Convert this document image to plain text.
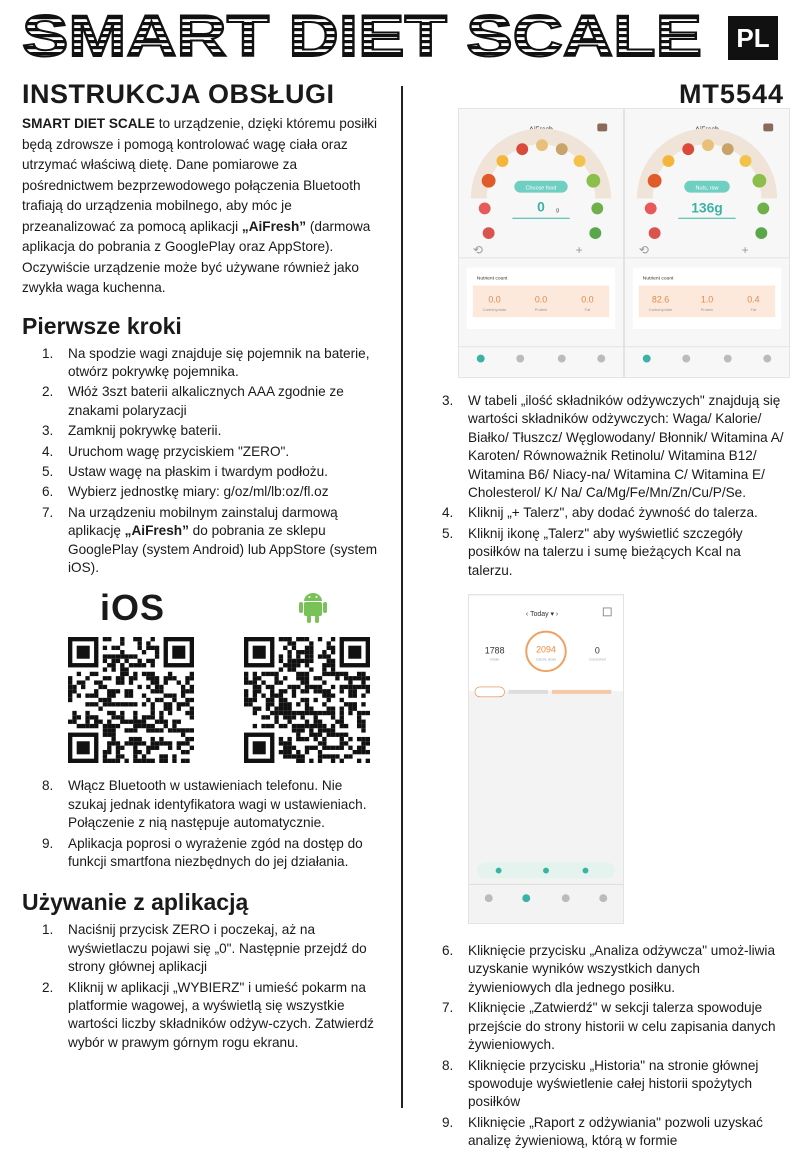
SMART DIET SCALE	PL
INSTRUKCJA OBSŁUGI

SMART DIET SCALE to urządzenie, dzięki któremu posiłki będą zdrowsze i pomogą kontrolować wagę ciała oraz utrzymać właściwą dietę. Dane pomiarowe za pośrednictwem bezprzewodowego połączenia Bluetooth trafiają do urządzenia mobilnego, aby móc je przeanalizować za pomocą aplikacji „AiFresh” (darmowa aplikacja do pobrania z GooglePlay oraz AppStore). Oczywiście urządzenie może być używane również jako zwykła waga kuchenna.

Pierwsze kroki
1. Na spodzie wagi znajduje się pojemnik na baterie, otwórz pokrywkę pojemnika.
2. Włóż 3szt baterii alkalicznych AAA zgodnie ze znakami polaryzacji
3. Zamknij pokrywkę baterii.
4. Uruchom wagę przyciskiem "ZERO".
5. Ustaw wagę na płaskim i twardym podłożu.
6. Wybierz jednostkę miary: g/oz/ml/lb:oz/fl.oz
7. Na urządzeniu mobilnym zainstaluj darmową aplikację „AiFresh” do pobrania ze sklepu GooglePlay (system Android) lub AppStore (system iOS).
iOS
8. Włącz Bluetooth w ustawieniach telefonu. Nie szukaj jednak identyfikatora wagi w ustawieniach. Połączenie z nią następuje automatycznie.
9. Aplikacja poprosi o wyrażenie zgód na dostęp do funkcji smartfona niezbędnych do jej działania.
Używanie z aplikacją
1. Naciśnij przycisk ZERO i poczekaj, aż na wyświetlaczu pojawi się „0". Następnie przejdź do strony głównej aplikacji
2. Kliknij w aplikacji „WYBIERZ" i umieść pokarm na platformie wagowej, a wyświetlą się wszystkie wartości liczby składników odżyw-czych. Zatwierdź wybór w prawym górnym rogu ekranu.
MT5544
AiFresh
Choose food
0 g
⟲	+
Nutrient count
0.0	0.0	0.0
Carbohydrate	Protein	Fat
AiFresh
Nuts, raw
136g
⟲	+
Nutrient count
82.6	1.0	0.4
Carbohydrate	Protein	Fat
3. W tabeli „ilość składników odżywczych" znajdują się wartości składników odżywczych: Waga/ Kalorie/ Białko/ Tłuszcz/ Węglowodany/ Błonnik/ Witamina A/ Karoten/ Równoważnik Retinolu/ Witamina B12/ Witamina B6/ Niacy-na/ Witamina C/ Witamina E/ Cholesterol/ K/ Na/ Ca/Mg/Fe/Mn/Zn/Cu/P/Se.
4. Kliknij „+ Talerz", aby dodać żywność do talerza.
5. Kliknij ikonę „Talerz" aby wyświetlić szczegóły posiłków na talerzu i sumę bieżących Kcal na talerzu.
‹ Today ▾ ›
2094
Calorie (kcal)
1788
Intake
0
Consumed
6. Kliknięcie przycisku „Analiza odżywcza" umoż-liwia uzyskanie wyników wszystkich danych żywieniowych dla jednego posiłku.
7. Kliknięcie „Zatwierdź" w sekcji talerza spowoduje przejście do strony historii w celu zapisania danych żywieniowych.
8. Kliknięcie przycisku „Historia" na stronie głównej spowoduje wyświetlenie całej historii spożytych posiłków
9. Kliknięcie „Raport z odżywiania" pozwoli uzyskać analizę żywieniową, którą w formie
